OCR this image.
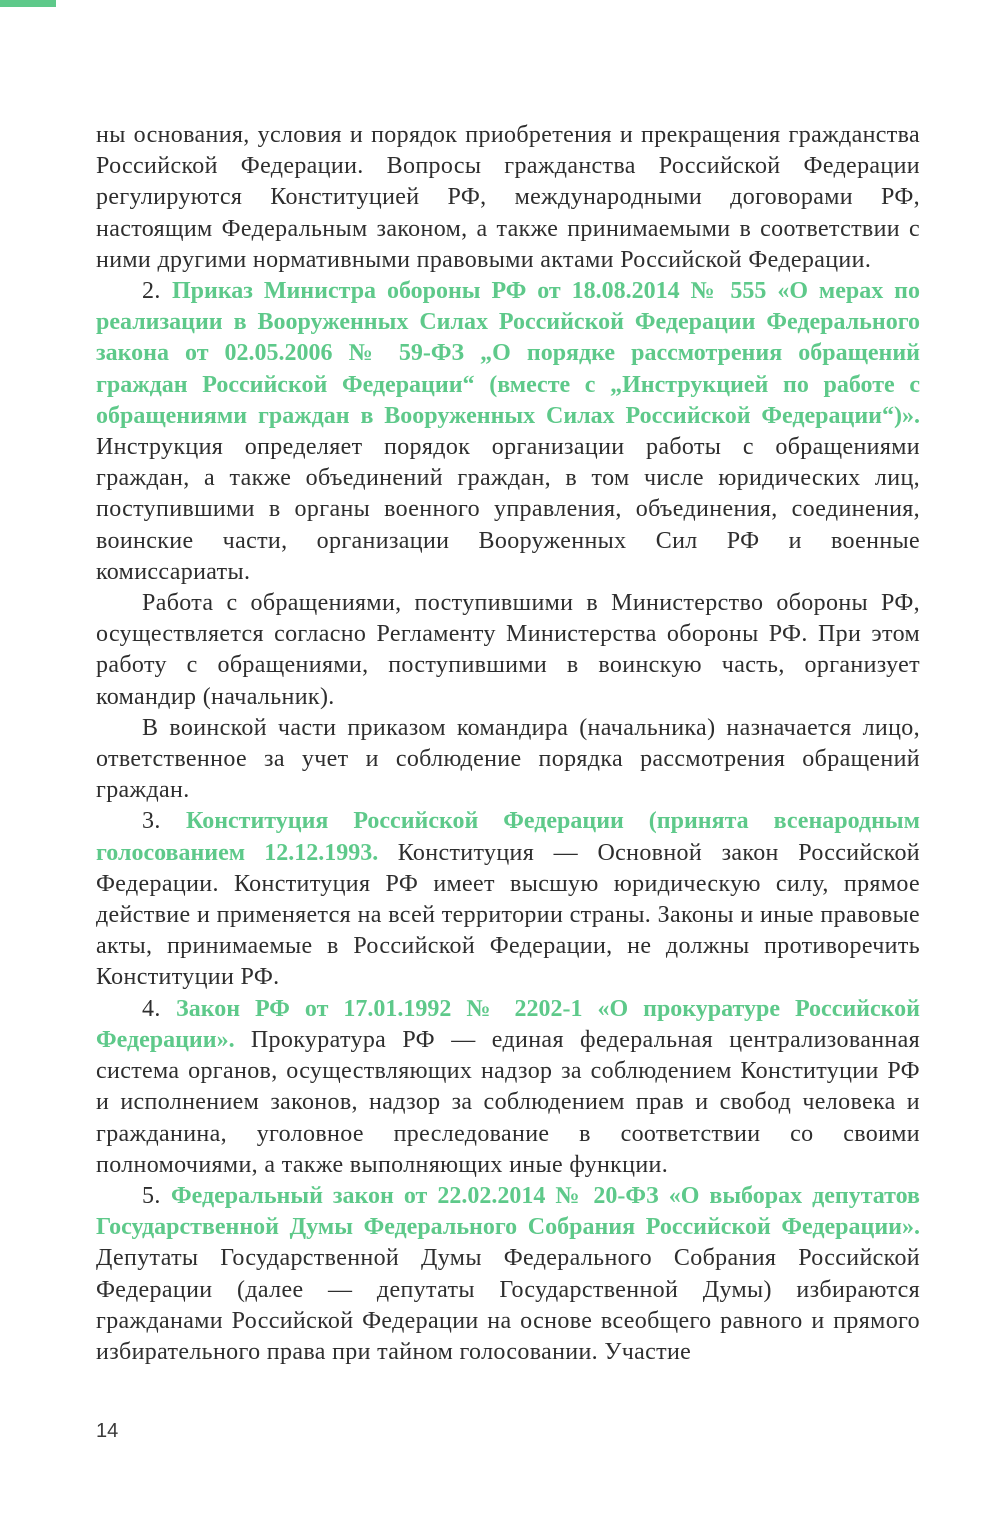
ны основания, условия и порядок приобретения и прекращения гражданства Российской Федерации. Вопросы гражданства Российской Федерации регулируются Конституцией РФ, международными договорами РФ, настоящим Федеральным законом, а также принимаемыми в соответствии с ними другими нормативными правовыми актами Российской Федерации.

2. Приказ Министра обороны РФ от 18.08.2014 № 555 «О мерах по реализации в Вооруженных Силах Российской Федерации Федерального закона от 02.05.2006 № 59-ФЗ „О порядке рассмотрения обращений граждан Российской Федерации“ (вместе с „Инструкцией по работе с обращениями граждан в Вооруженных Силах Российской Федерации“)». Инструкция определяет порядок организации работы с обращениями граждан, а также объединений граждан, в том числе юридических лиц, поступившими в органы военного управления, объединения, соединения, воинские части, организации Вооруженных Сил РФ и военные комиссариаты.

Работа с обращениями, поступившими в Министерство обороны РФ, осуществляется согласно Регламенту Министерства обороны РФ. При этом работу с обращениями, поступившими в воинскую часть, организует командир (начальник).

В воинской части приказом командира (начальника) назначается лицо, ответственное за учет и соблюдение порядка рассмотрения обращений граждан.

3. Конституция Российской Федерации (принята всенародным голосованием 12.12.1993. Конституция — Основной закон Российской Федерации. Конституция РФ имеет высшую юридическую силу, прямое действие и применяется на всей территории страны. Законы и иные правовые акты, принимаемые в Российской Федерации, не должны противоречить Конституции РФ.

4. Закон РФ от 17.01.1992 № 2202-1 «О прокуратуре Российской Федерации». Прокуратура РФ — единая федеральная централизованная система органов, осуществляющих надзор за соблюдением Конституции РФ и исполнением законов, надзор за соблюдением прав и свобод человека и гражданина, уголовное преследование в соответствии со своими полномочиями, а также выполняющих иные функции.

5. Федеральный закон от 22.02.2014 № 20-ФЗ «О выборах депутатов Государственной Думы Федерального Собрания Российской Федерации». Депутаты Государственной Думы Федерального Собрания Российской Федерации (далее — депутаты Государственной Думы) избираются гражданами Российской Федерации на основе всеобщего равного и прямого избирательного права при тайном голосовании. Участие

14
